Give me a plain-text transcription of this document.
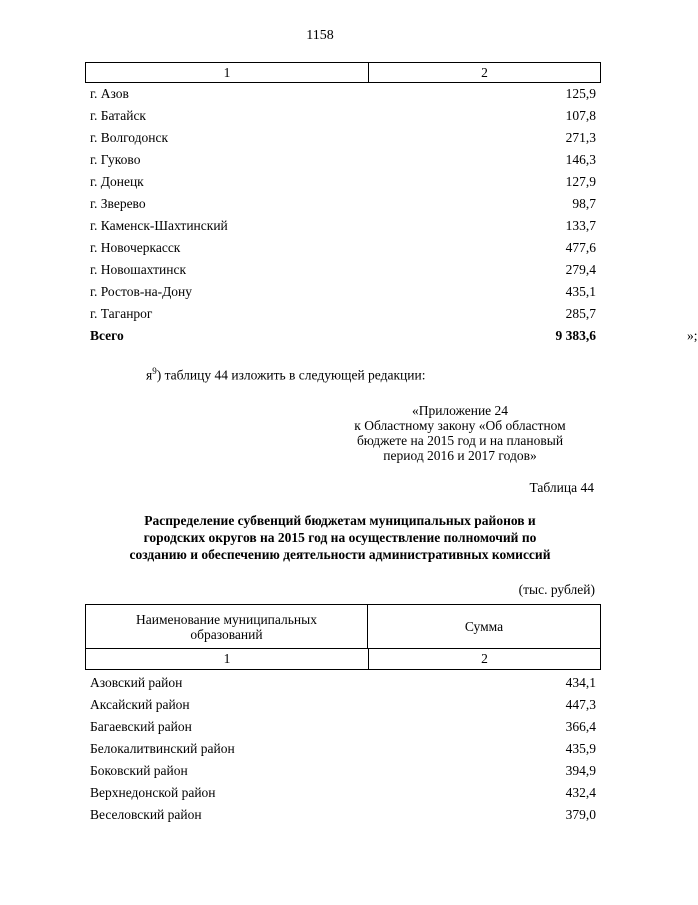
1158
1	2
г. Азов	125,9
г. Батайск	107,8
г. Волгодонск	271,3
г. Гуково	146,3
г. Донецк	127,9
г. Зверево	98,7
г. Каменск-Шахтинский	133,7
г. Новочеркасск	477,6
г. Новошахтинск	279,4
г. Ростов-на-Дону	435,1
г. Таганрог	285,7
Всего	9 383,6	»;
$я^9$) таблицу 44 изложить в следующей редакции:
«Приложение 24
к Областному закону «Об областном
бюджете на 2015 год и на плановый
период 2016 и 2017 годов»
Таблица 44
Распределение субвенций бюджетам муниципальных районов и
городских округов на 2015 год на осуществление полномочий по
созданию и обеспечению деятельности административных комиссий
(тыс. рублей)
Наименование муниципальных образований
Сумма
1	2
Азовский район	434,1
Аксайский район	447,3
Багаевский район	366,4
Белокалитвинский район	435,9
Боковский район	394,9
Верхнедонской район	432,4
Веселовский район	379,0
